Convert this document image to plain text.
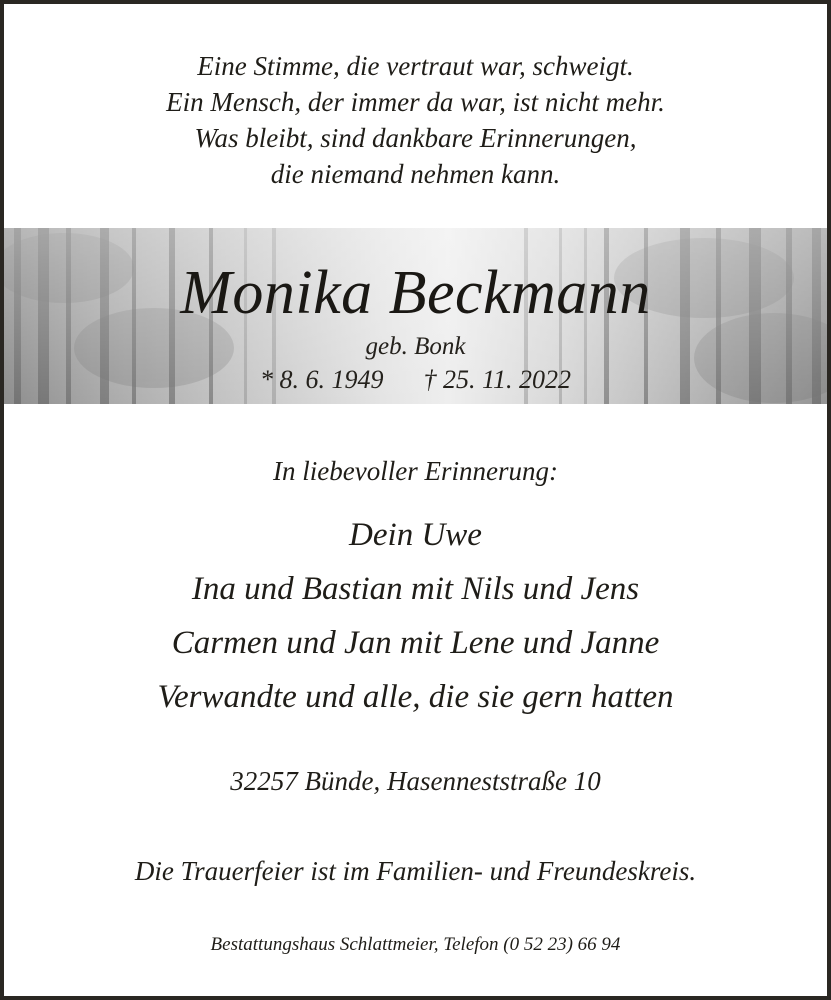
Eine Stimme, die vertraut war, schweigt.
Ein Mensch, der immer da war, ist nicht mehr.
Was bleibt, sind dankbare Erinnerungen,
die niemand nehmen kann.
Monika Beckmann
geb. Bonk
* 8. 6. 1949 † 25. 11. 2022
In liebevoller Erinnerung:
Dein Uwe
Ina und Bastian mit Nils und Jens
Carmen und Jan mit Lene und Janne
Verwandte und alle, die sie gern hatten
32257 Bünde, Hasenneststraße 10
Die Trauerfeier ist im Familien- und Freundeskreis.
Bestattungshaus Schlattmeier, Telefon (0 52 23) 66 94
